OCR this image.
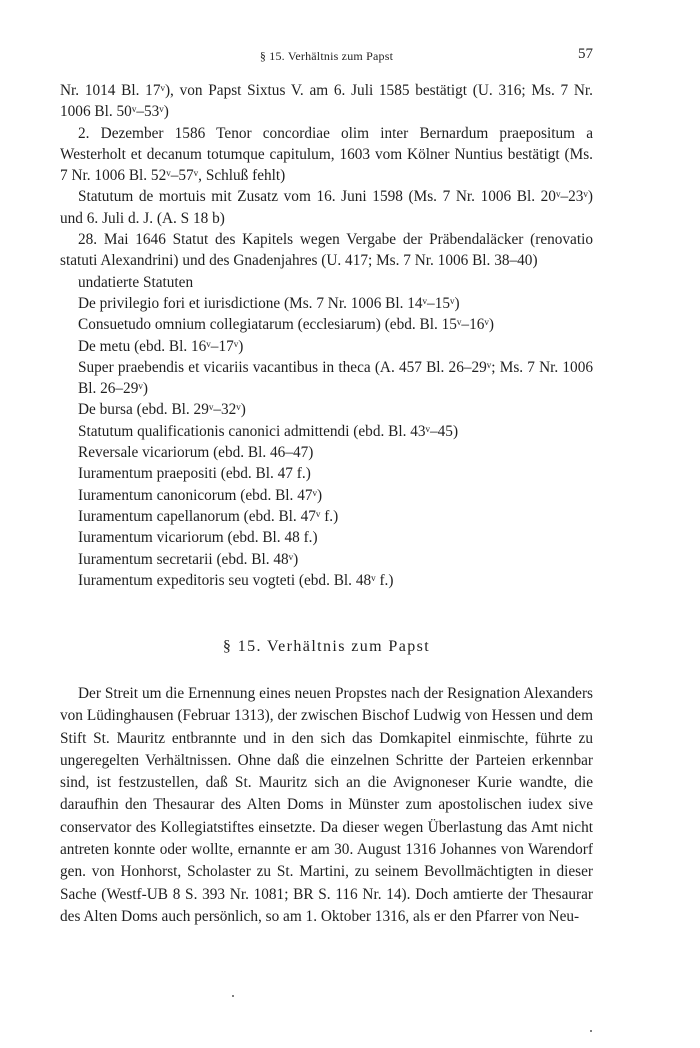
§ 15. Verhältnis zum Papst	57

Nr. 1014 Bl. 17ᵛ), von Papst Sixtus V. am 6. Juli 1585 bestätigt (U. 316; Ms. 7 Nr. 1006 Bl. 50ᵛ–53ᵛ)

2. Dezember 1586 Tenor concordiae olim inter Bernardum praepositum a Westerholt et decanum totumque capitulum, 1603 vom Kölner Nuntius bestätigt (Ms. 7 Nr. 1006 Bl. 52ᵛ–57ᵛ, Schluß fehlt)

Statutum de mortuis mit Zusatz vom 16. Juni 1598 (Ms. 7 Nr. 1006 Bl. 20ᵛ–23ᵛ) und 6. Juli d. J. (A. S 18 b)

28. Mai 1646 Statut des Kapitels wegen Vergabe der Präbendaläcker (renovatio statuti Alexandrini) und des Gnadenjahres (U. 417; Ms. 7 Nr. 1006 Bl. 38–40)

undatierte Statuten

De privilegio fori et iurisdictione (Ms. 7 Nr. 1006 Bl. 14ᵛ–15ᵛ)

Consuetudo omnium collegiatarum (ecclesiarum) (ebd. Bl. 15ᵛ–16ᵛ)

De metu (ebd. Bl. 16ᵛ–17ᵛ)

Super praebendis et vicariis vacantibus in theca (A. 457 Bl. 26–29ᵛ; Ms. 7 Nr. 1006 Bl. 26–29ᵛ)

De bursa (ebd. Bl. 29ᵛ–32ᵛ)

Statutum qualificationis canonici admittendi (ebd. Bl. 43ᵛ–45)

Reversale vicariorum (ebd. Bl. 46–47)

Iuramentum praepositi (ebd. Bl. 47 f.)

Iuramentum canonicorum (ebd. Bl. 47ᵛ)

Iuramentum capellanorum (ebd. Bl. 47ᵛ f.)

Iuramentum vicariorum (ebd. Bl. 48 f.)

Iuramentum secretarii (ebd. Bl. 48ᵛ)

Iuramentum expeditoris seu vogteti (ebd. Bl. 48ᵛ f.)

§ 15. Verhältnis zum Papst

Der Streit um die Ernennung eines neuen Propstes nach der Resignation Alexanders von Lüdinghausen (Februar 1313), der zwischen Bischof Ludwig von Hessen und dem Stift St. Mauritz entbrannte und in den sich das Domkapitel einmischte, führte zu ungeregelten Verhältnissen. Ohne daß die einzelnen Schritte der Parteien erkennbar sind, ist festzustellen, daß St. Mauritz sich an die Avignoneser Kurie wandte, die daraufhin den Thesaurar des Alten Doms in Münster zum apostolischen iudex sive conservator des Kollegiatstiftes einsetzte. Da dieser wegen Überlastung das Amt nicht antreten konnte oder wollte, ernannte er am 30. August 1316 Johannes von Warendorf gen. von Honhorst, Scholaster zu St. Martini, zu seinem Bevollmächtigten in dieser Sache (Westf-UB 8 S. 393 Nr. 1081; BR S. 116 Nr. 14). Doch amtierte der Thesaurar des Alten Doms auch persönlich, so am 1. Oktober 1316, als er den Pfarrer von Neu-
